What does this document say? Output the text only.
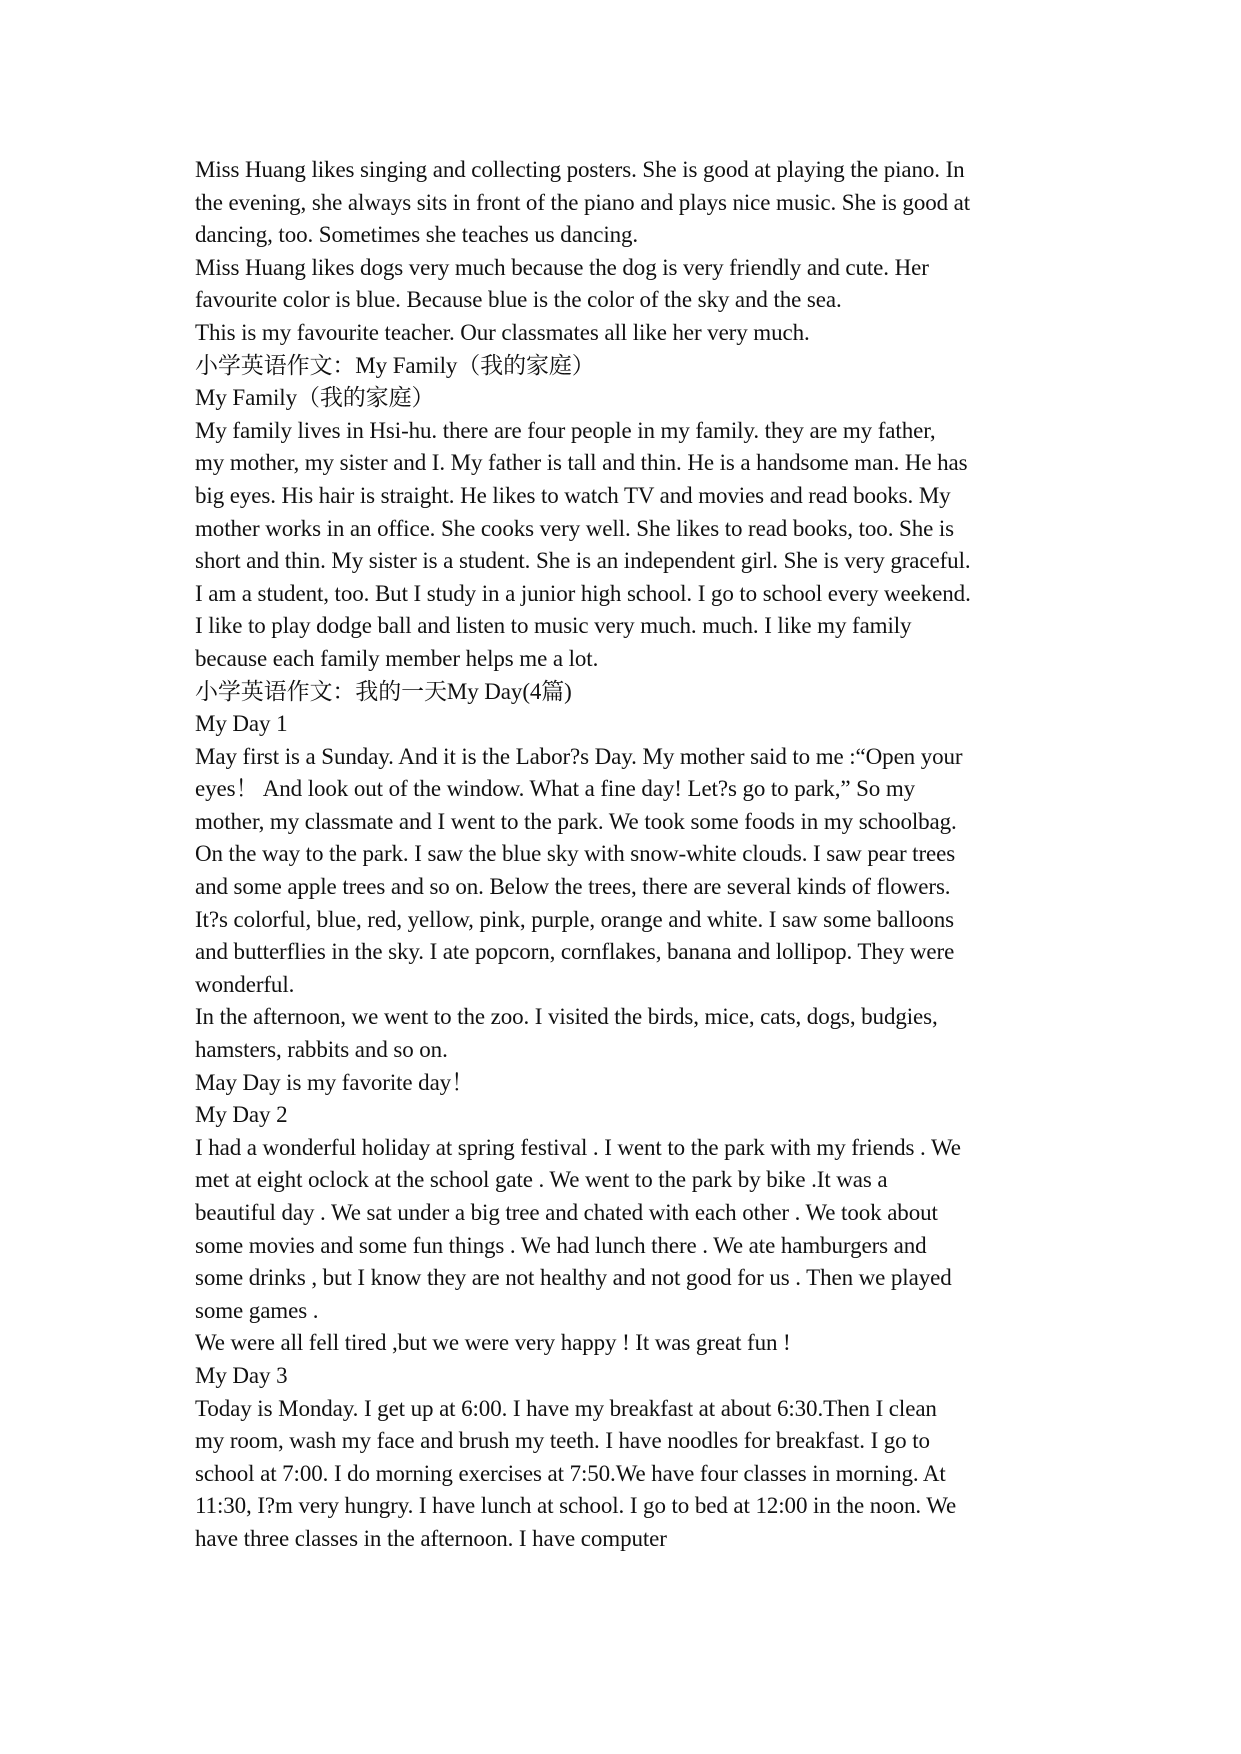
Miss Huang likes singing and collecting posters. She is good at playing the piano. In
the evening, she always sits in front of the piano and plays nice music. She is good at
dancing, too. Sometimes she teaches us dancing.
Miss Huang likes dogs very much because the dog is very friendly and cute. Her
favourite color is blue. Because blue is the color of the sky and the sea.
This is my favourite teacher. Our classmates all like her very much.
小学英语作文：My Family（我的家庭）
My Family（我的家庭）
My family lives in Hsi-hu. there are four people in my family. they are my father,
my mother, my sister and I. My father is tall and thin. He is a handsome man. He has
big eyes. His hair is straight. He likes to watch TV and movies and read books. My
mother works in an office. She cooks very well. She likes to read books, too. She is
short and thin. My sister is a student. She is an independent girl. She is very graceful.
I am a student, too. But I study in a junior high school. I go to school every weekend.
I like to play dodge ball and listen to music very much. much. I like my family
because each family member helps me a lot.
小学英语作文：我的一天My Day(4篇)
My Day 1
May first is a Sunday. And it is the Labor?s Day. My mother said to me :“Open your
eyes！ And look out of the window. What a fine day! Let?s go to park,” So my
mother, my classmate and I went to the park. We took some foods in my schoolbag.
On the way to the park. I saw the blue sky with snow-white clouds. I saw pear trees
and some apple trees and so on. Below the trees, there are several kinds of flowers.
It?s colorful, blue, red, yellow, pink, purple, orange and white. I saw some balloons
and butterflies in the sky. I ate popcorn, cornflakes, banana and lollipop. They were
wonderful.
In the afternoon, we went to the zoo. I visited the birds, mice, cats, dogs, budgies,
hamsters, rabbits and so on.
May Day is my favorite day！
My Day 2
I had a wonderful holiday at spring festival . I went to the park with my friends . We
met at eight oclock at the school gate . We went to the park by bike .It was a
beautiful day . We sat under a big tree and chated with each other . We took about
some movies and some fun things . We had lunch there . We ate hamburgers and
some drinks , but I know they are not healthy and not good for us . Then we played
some games .
We were all fell tired ,but we were very happy ! It was great fun !
My Day 3
Today is Monday. I get up at 6:00. I have my breakfast at about 6:30.Then I clean
my room, wash my face and brush my teeth. I have noodles for breakfast. I go to
school at 7:00. I do morning exercises at 7:50.We have four classes in morning. At
11:30, I?m very hungry. I have lunch at school. I go to bed at 12:00 in the noon. We
have three classes in the afternoon. I have computer
